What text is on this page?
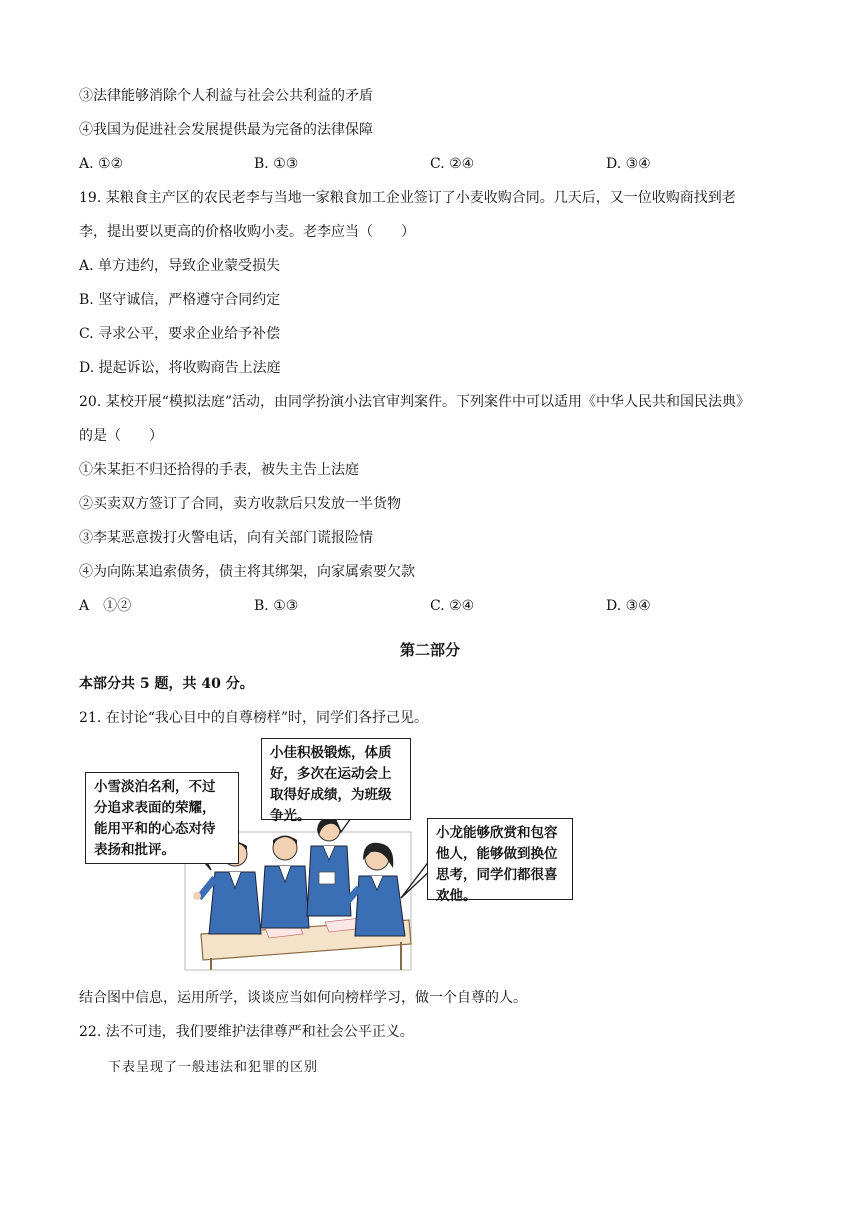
③法律能够消除个人利益与社会公共利益的矛盾
④我国为促进社会发展提供最为完备的法律保障
A. ①②	B. ①③	C. ②④	D. ③④
19. 某粮食主产区的农民老李与当地一家粮食加工企业签订了小麦收购合同。几天后，又一位收购商找到老
李，提出要以更高的价格收购小麦。老李应当（　　）
A. 单方违约，导致企业蒙受损失
B. 坚守诚信，严格遵守合同约定
C. 寻求公平，要求企业给予补偿
D. 提起诉讼，将收购商告上法庭
20. 某校开展“模拟法庭”活动，由同学扮演小法官审判案件。下列案件中可以适用《中华人民共和国民法典》
的是（　　）
①朱某拒不归还拾得的手表，被失主告上法庭
②买卖双方签订了合同，卖方收款后只发放一半货物
③李某恶意拨打火警电话，向有关部门谎报险情
④为向陈某追索债务，债主将其绑架，向家属索要欠款
A　①②	B. ①③	C. ②④	D. ③④
第二部分
本部分共 5 题，共 40 分。
21. 在讨论“我心目中的自尊榜样”时，同学们各抒己见。
小雪淡泊名利，不过
分追求表面的荣耀，
能用平和的心态对待
表扬和批评。
小佳积极锻炼，体质
好，多次在运动会上
取得好成绩，为班级
争光。
小龙能够欣赏和包容
他人，能够做到换位
思考，同学们都很喜
欢他。
结合图中信息，运用所学，谈谈应当如何向榜样学习，做一个自尊的人。
22. 法不可违，我们要维护法律尊严和社会公平正义。
下表呈现了一般违法和犯罪的区别
